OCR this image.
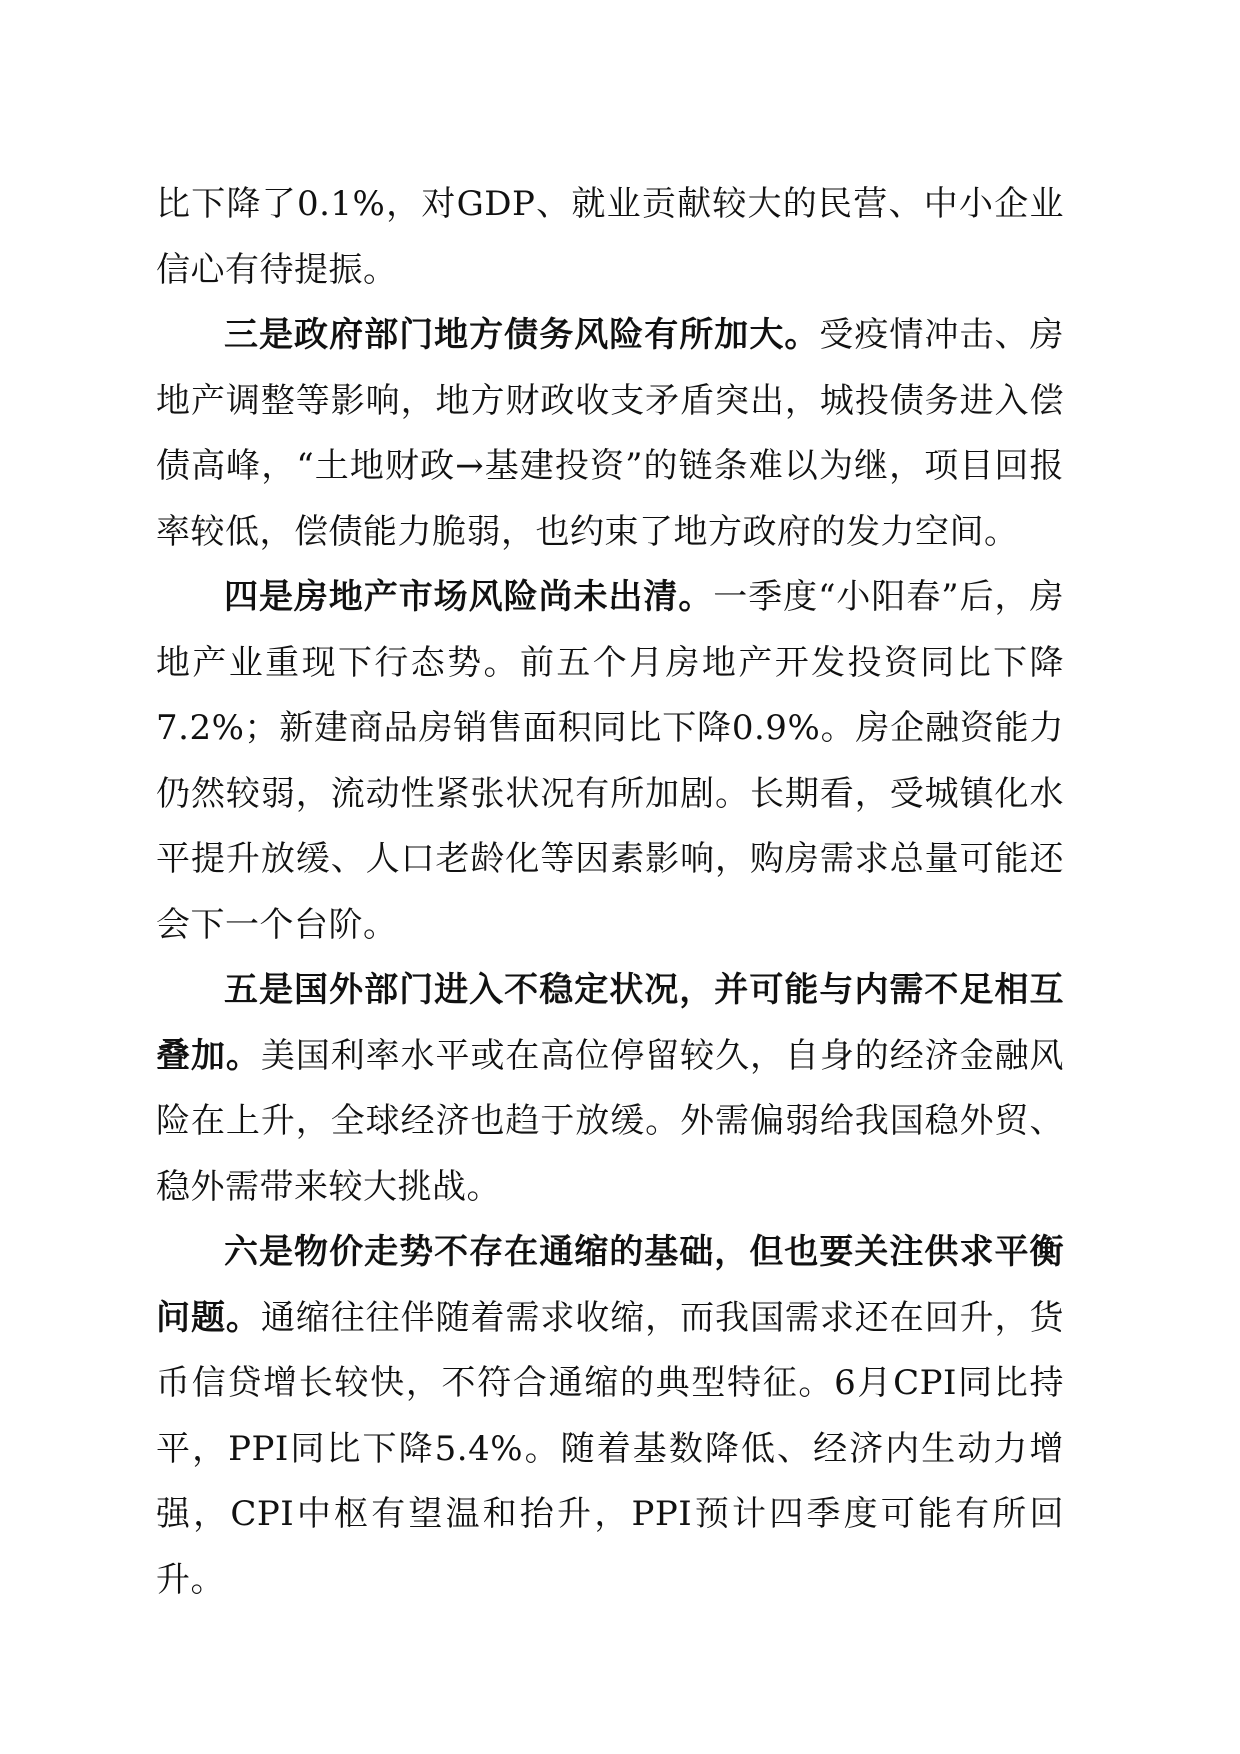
比下降了0.1%，对GDP、就业贡献较大的民营、中小企业信心有待提振。

三是政府部门地方债务风险有所加大。受疫情冲击、房地产调整等影响，地方财政收支矛盾突出，城投债务进入偿债高峰，“土地财政→基建投资”的链条难以为继，项目回报率较低，偿债能力脆弱，也约束了地方政府的发力空间。

四是房地产市场风险尚未出清。一季度“小阳春”后，房地产业重现下行态势。前五个月房地产开发投资同比下降7.2%；新建商品房销售面积同比下降0.9%。房企融资能力仍然较弱，流动性紧张状况有所加剧。长期看，受城镇化水平提升放缓、人口老龄化等因素影响，购房需求总量可能还会下一个台阶。

五是国外部门进入不稳定状况，并可能与内需不足相互叠加。美国利率水平或在高位停留较久，自身的经济金融风险在上升，全球经济也趋于放缓。外需偏弱给我国稳外贸、稳外需带来较大挑战。

六是物价走势不存在通缩的基础，但也要关注供求平衡问题。通缩往往伴随着需求收缩，而我国需求还在回升，货币信贷增长较快，不符合通缩的典型特征。6月CPI同比持平，PPI同比下降5.4%。随着基数降低、经济内生动力增强，CPI中枢有望温和抬升，PPI预计四季度可能有所回升。
